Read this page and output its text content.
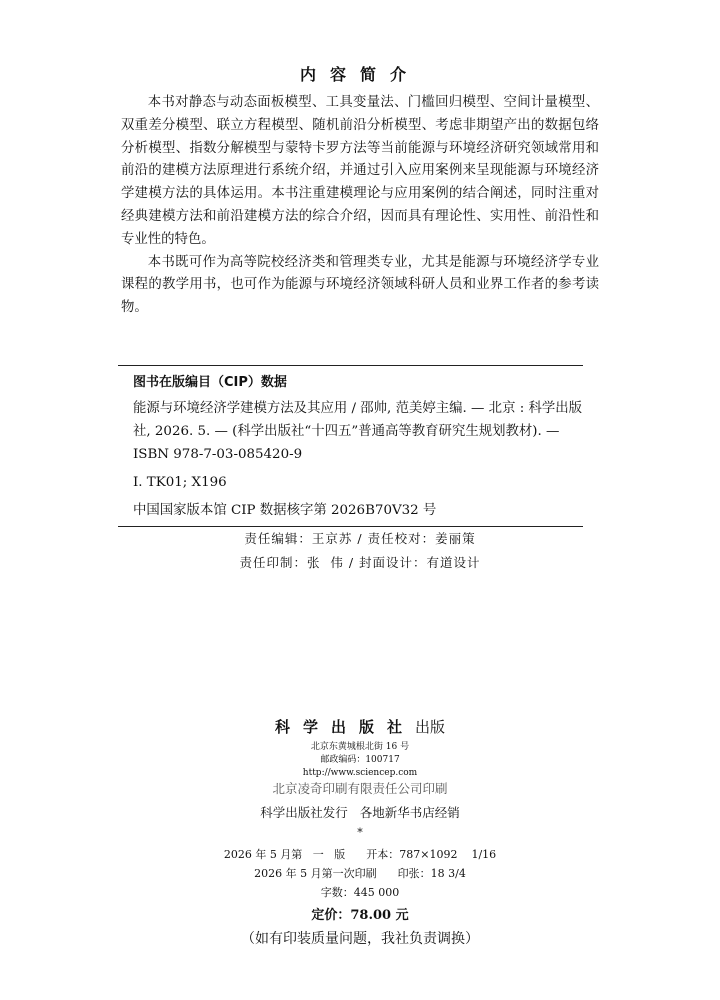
内容简介

本书对静态与动态面板模型、工具变量法、门槛回归模型、空间计量模型、双重差分模型、联立方程模型、随机前沿分析模型、考虑非期望产出的数据包络分析模型、指数分解模型与蒙特卡罗方法等当前能源与环境经济研究领域常用和前沿的建模方法原理进行系统介绍，并通过引入应用案例来呈现能源与环境经济学建模方法的具体运用。本书注重建模理论与应用案例的结合阐述，同时注重对经典建模方法和前沿建模方法的综合介绍，因而具有理论性、实用性、前沿性和专业性的特色。

本书既可作为高等院校经济类和管理类专业，尤其是能源与环境经济学专业课程的教学用书，也可作为能源与环境经济领域科研人员和业界工作者的参考读物。

图书在版编目（CIP）数据
能源与环境经济学建模方法及其应用 / 邵帅, 范美婷主编. — 北京 : 科学出版社, 2026. 5. — (科学出版社“十四五”普通高等教育研究生规划教材). — ISBN 978-7-03-085420-9
Ⅰ. TK01; X196
中国国家版本馆 CIP 数据核字第 2026B70V32 号
责任编辑：王京苏 / 责任校对：姜丽策
责任印制：张  伟 / 封面设计：有道设计
科学出版社出版
北京东黄城根北街 16 号
邮政编码：100717
http://www.sciencep.com
北京凌奇印刷有限责任公司印刷
科学出版社发行   各地新华书店经销
*
2026 年 5 月第   一   版      开本：787×1092    1/16
2026 年 5 月第一次印刷      印张：18 3/4
字数：445 000
定价：78.00 元
（如有印装质量问题，我社负责调换）
